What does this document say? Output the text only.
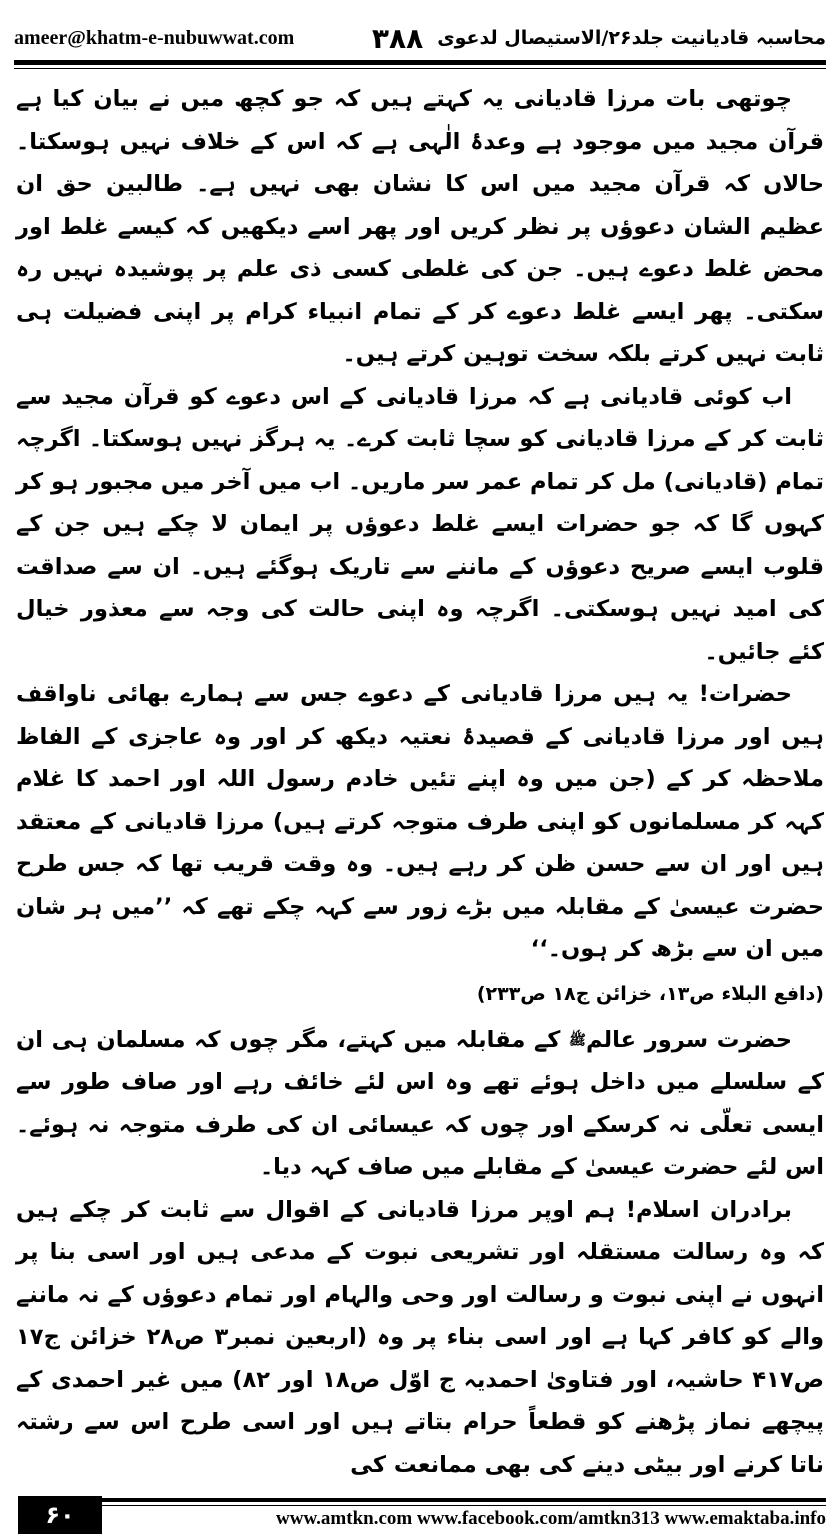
ameer@khatm-e-nubuwwat.com	محاسبہ قادیانیت جلد۲۶/الاستیصال لدعوی
۳۸۸

چوتھی بات مرزا قادیانی یہ کہتے ہیں کہ جو کچھ میں نے بیان کیا ہے قرآن مجید میں موجود ہے وعدۂ الٰہی ہے کہ اس کے خلاف نہیں ہوسکتا۔ حالاں کہ قرآن مجید میں اس کا نشان بھی نہیں ہے۔ طالبین حق ان عظیم الشان دعوؤں پر نظر کریں اور پھر اسے دیکھیں کہ کیسے غلط اور محض غلط دعوے ہیں۔ جن کی غلطی کسی ذی علم پر پوشیدہ نہیں رہ سکتی۔ پھر ایسے غلط دعوے کر کے تمام انبیاء کرام پر اپنی فضیلت ہی ثابت نہیں کرتے بلکہ سخت توہین کرتے ہیں۔

اب کوئی قادیانی ہے کہ مرزا قادیانی کے اس دعوے کو قرآن مجید سے ثابت کر کے مرزا قادیانی کو سچا ثابت کرے۔ یہ ہرگز نہیں ہوسکتا۔ اگرچہ تمام (قادیانی) مل کر تمام عمر سر ماریں۔ اب میں آخر میں مجبور ہو کر کہوں گا کہ جو حضرات ایسے غلط دعوؤں پر ایمان لا چکے ہیں جن کے قلوب ایسے صریح دعوؤں کے ماننے سے تاریک ہوگئے ہیں۔ ان سے صداقت کی امید نہیں ہوسکتی۔ اگرچہ وہ اپنی حالت کی وجہ سے معذور خیال کئے جائیں۔

حضرات! یہ ہیں مرزا قادیانی کے دعوے جس سے ہمارے بھائی ناواقف ہیں اور مرزا قادیانی کے قصیدۂ نعتیہ دیکھ کر اور وہ عاجزی کے الفاظ ملاحظہ کر کے (جن میں وہ اپنے تئیں خادم رسول اللہ اور احمد کا غلام کہہ کر مسلمانوں کو اپنی طرف متوجہ کرتے ہیں) مرزا قادیانی کے معتقد ہیں اور ان سے حسن ظن کر رہے ہیں۔ وہ وقت قریب تھا کہ جس طرح حضرت عیسیٰ کے مقابلہ میں بڑے زور سے کہہ چکے تھے کہ ’’میں ہر شان میں ان سے بڑھ کر ہوں۔‘‘

(دافع البلاء ص۱۳، خزائن ج۱۸ ص۲۳۳)

حضرت سرور عالمﷺ کے مقابلہ میں کہتے، مگر چوں کہ مسلمان ہی ان کے سلسلے میں داخل ہوئے تھے وہ اس لئے خائف رہے اور صاف طور سے ایسی تعلّی نہ کرسکے اور چوں کہ عیسائی ان کی طرف متوجہ نہ ہوئے۔ اس لئے حضرت عیسیٰ کے مقابلے میں صاف کہہ دیا۔

برادران اسلام! ہم اوپر مرزا قادیانی کے اقوال سے ثابت کر چکے ہیں کہ وہ رسالت مستقلہ اور تشریعی نبوت کے مدعی ہیں اور اسی بنا پر انہوں نے اپنی نبوت و رسالت اور وحی والہام اور تمام دعوؤں کے نہ ماننے والے کو کافر کہا ہے اور اسی بناء پر وہ (اربعین نمبر۳ ص۲۸ خزائن ج۱۷ ص۴۱۷ حاشیہ، اور فتاویٰ احمدیہ ج اوّل ص۱۸ اور ۸۲) میں غیر احمدی کے پیچھے نماز پڑھنے کو قطعاً حرام بتاتے ہیں اور اسی طرح اس سے رشتہ ناتا کرنے اور بیٹی دینے کی بھی ممانعت کی

۶۰	www.amtkn.com www.facebook.com/amtkn313 www.emaktaba.info
